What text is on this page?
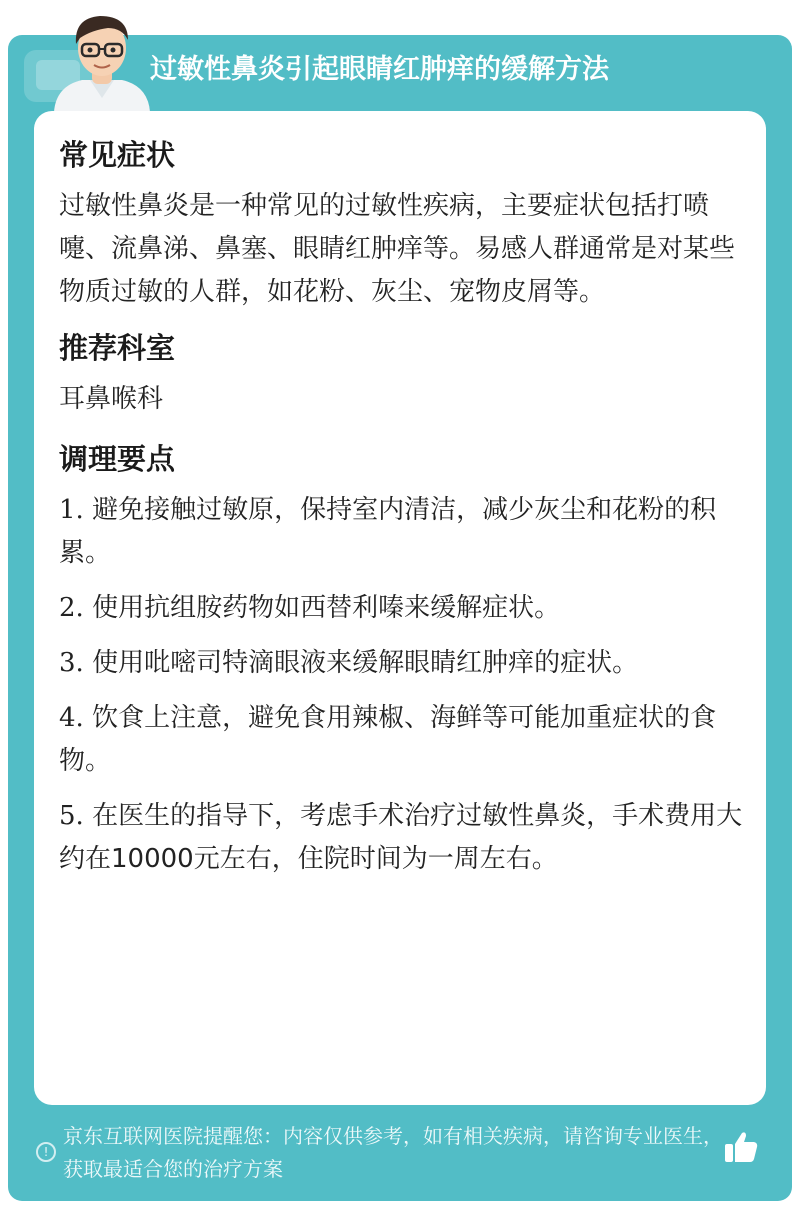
过敏性鼻炎引起眼睛红肿痒的缓解方法
常见症状
过敏性鼻炎是一种常见的过敏性疾病，主要症状包括打喷嚏、流鼻涕、鼻塞、眼睛红肿痒等。易感人群通常是对某些物质过敏的人群，如花粉、灰尘、宠物皮屑等。
推荐科室
耳鼻喉科
调理要点
1. 避免接触过敏原，保持室内清洁，减少灰尘和花粉的积累。
2. 使用抗组胺药物如西替利嗪来缓解症状。
3. 使用吡嘧司特滴眼液来缓解眼睛红肿痒的症状。
4. 饮食上注意，避免食用辣椒、海鲜等可能加重症状的食物。
5. 在医生的指导下，考虑手术治疗过敏性鼻炎，手术费用大约在10000元左右，住院时间为一周左右。
!
京东互联网医院提醒您：内容仅供参考，如有相关疾病，请咨询专业医生，获取最适合您的治疗方案
